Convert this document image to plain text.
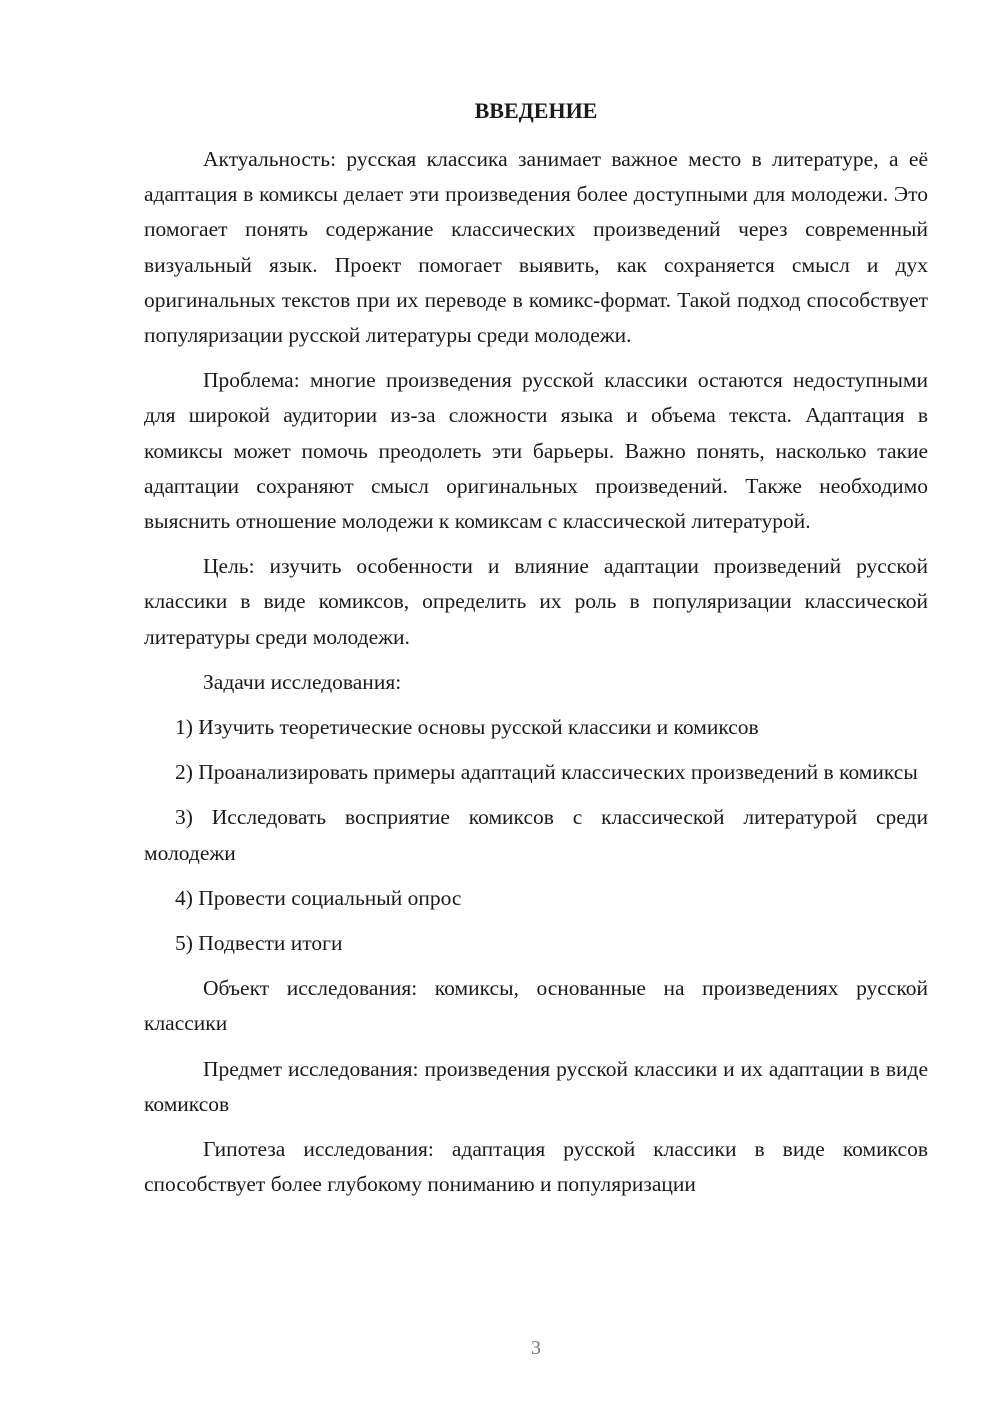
ВВЕДЕНИЕ

Актуальность: русская классика занимает важное место в литературе, а её адаптация в комиксы делает эти произведения более доступными для молодежи. Это помогает понять содержание классических произведений через современный визуальный язык. Проект помогает выявить, как сохраняется смысл и дух оригинальных текстов при их переводе в комикс-формат. Такой подход способствует популяризации русской литературы среди молодежи.

Проблема: многие произведения русской классики остаются недоступными для широкой аудитории из-за сложности языка и объема текста. Адаптация в комиксы может помочь преодолеть эти барьеры. Важно понять, насколько такие адаптации сохраняют смысл оригинальных произведений. Также необходимо выяснить отношение молодежи к комиксам с классической литературой.

Цель: изучить особенности и влияние адаптации произведений русской классики в виде комиксов, определить их роль в популяризации классической литературы среди молодежи.

Задачи исследования:

1) Изучить теоретические основы русской классики и комиксов

2) Проанализировать примеры адаптаций классических произведений в комиксы

3) Исследовать восприятие комиксов с классической литературой среди молодежи

4) Провести социальный опрос

5) Подвести итоги

Объект исследования: комиксы, основанные на произведениях русской классики

Предмет исследования: произведения русской классики и их адаптации в виде комиксов

Гипотеза исследования: адаптация русской классики в виде комиксов способствует более глубокому пониманию и популяризации

3
